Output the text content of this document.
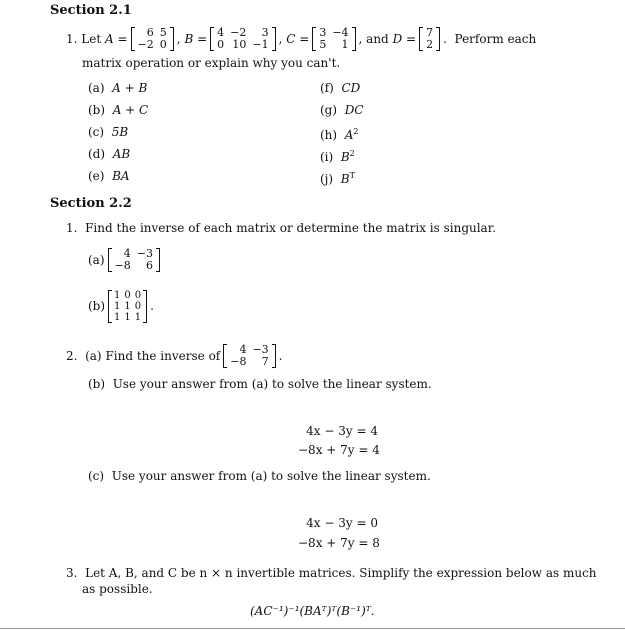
Section 2.1
1.
Let
A
= 6	5
−2	0 , B
= 4	−2	3
0	10	−1 , C
= 3	−4
5	1 , and
D
= 7
2 . Perform each
matrix operation or explain why you can't.
(a) A + B
(b) A + C
(c) 5B
(d) AB
(e) BA
(f) CD
(g) DC
(h) $A^2$
(i) $B^2$
(j) $B^T$
Section 2.2
1. Find the inverse of each matrix or determine the matrix is singular.
(a) 4	−3
−8	6
(b)
1	0	0
1	1	0
1	1	1
.
2.
(a)
Find the inverse of 4	−3
−8	7 .
(b) Use your answer from (a) to solve the linear system.
4x − 3y = 4
−8x + 7y = 4
(c) Use your answer from (a) to solve the linear system.
4x − 3y = 0
−8x + 7y = 8
3. Let A, B, and C be n × n invertible matrices. Simplify the expression below as much
as possible.
(AC⁻¹)⁻¹(BAᵀ)ᵀ(B⁻¹)ᵀ.
